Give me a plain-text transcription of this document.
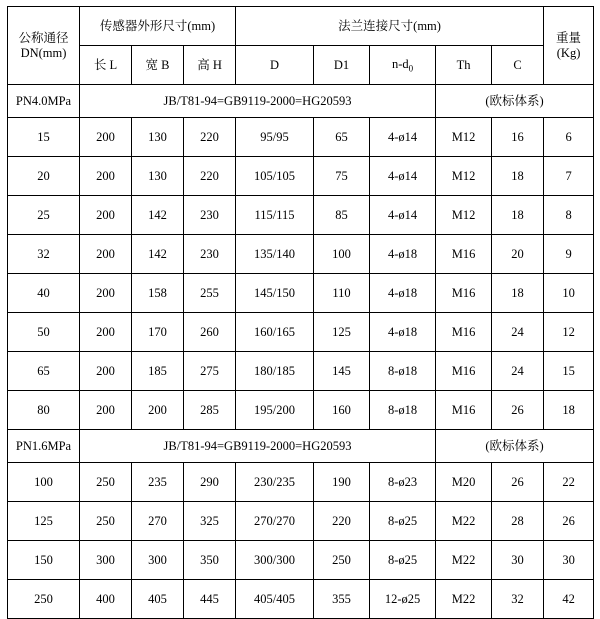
公称通径
DN(mm)	传感器外形尺寸(mm)			法兰连接尺寸(mm)					重量
(Kg)

	长 L	宽 B	高 H	D	D1	$n-d_0$	Th	C	
PN4.0MPa	JB/T81-94=GB9119-2000=HG20593						(欧标体系)		
15	200	130	220	95/95	65	4-ø14	M12	16	6
20	200	130	220	105/105	75	4-ø14	M12	18	7
25	200	142	230	115/115	85	4-ø14	M12	18	8
32	200	142	230	135/140	100	4-ø18	M16	20	9
40	200	158	255	145/150	110	4-ø18	M16	18	10
50	200	170	260	160/165	125	4-ø18	M16	24	12
65	200	185	275	180/185	145	8-ø18	M16	24	15
80	200	200	285	195/200	160	8-ø18	M16	26	18
PN1.6MPa	JB/T81-94=GB9119-2000=HG20593						(欧标体系)		
100	250	235	290	230/235	190	8-ø23	M20	26	22
125	250	270	325	270/270	220	8-ø25	M22	28	26
150	300	300	350	300/300	250	8-ø25	M22	30	30
250	400	405	445	405/405	355	12-ø25	M22	32	42
